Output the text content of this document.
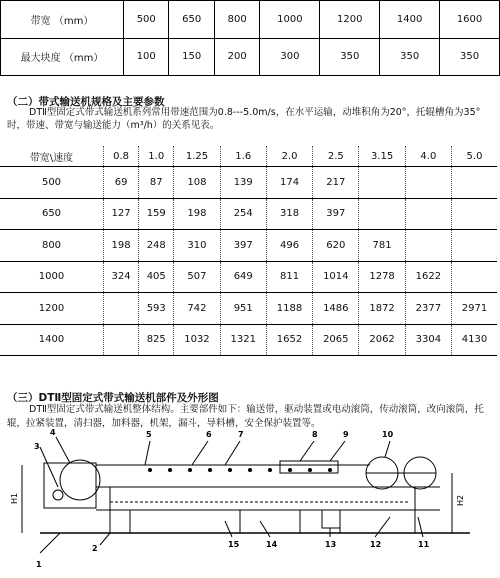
带宽 （mm）	500	650	800	1000	1200	1400	1600
最大块度 （mm）	100	150	200	300	350	350	350
（二）带式输送机规格及主要参数
DTⅡ型固定式带式输送机系列常用带速范围为0.8---5.0m/s，在水平运输，动堆积角为20°，托辊槽角为35°时，带速、带宽与输送能力（m³/h）的关系见表。
带宽\速度	0.8	1.0	1.25	1.6	2.0	2.5	3.15	4.0	5.0
500	69	87	108	139	174	217			
650	127	159	198	254	318	397			
800	198	248	310	397	496	620	781		
1000	324	405	507	649	811	1014	1278	1622	
1200		593	742	951	1188	1486	1872	2377	2971
1400		825	1032	1321	1652	2065	2062	3304	4130
（三）DTⅡ型固定式带式输送机部件及外形图
DTⅡ型固定式带式输送机整体结构。主要部件如下：输送带，驱动装置或电动滚筒，传动滚筒，改向滚筒，托辊，拉紧装置，清扫器，加料器，机架，漏斗，导料槽，安全保护装置等。
1
2
3
4	5	6	7	8	9	10
11
12
13
14
15
H1	H2
